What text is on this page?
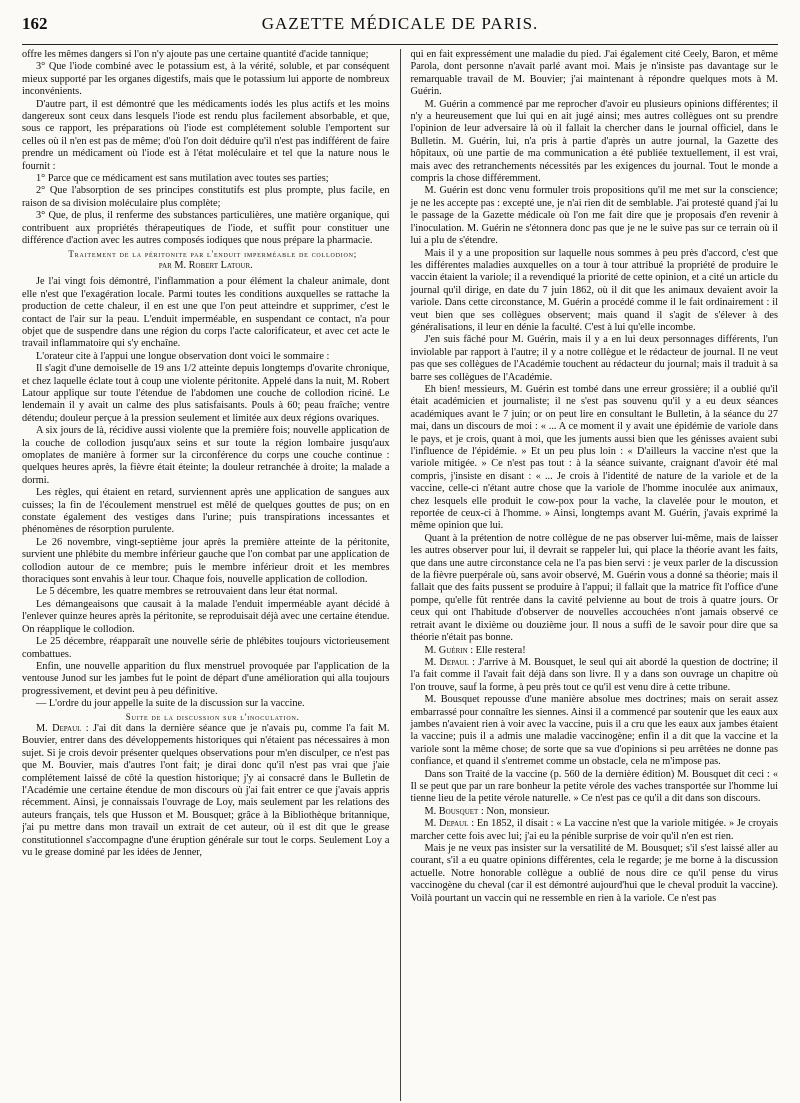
162	GAZETTE MÉDICALE DE PARIS.

offre les mêmes dangers si l'on n'y ajoute pas une certaine quantité d'acide tannique;

3° Que l'iode combiné avec le potassium est, à la vérité, soluble, et par conséquent mieux supporté par les organes digestifs, mais que le potassium lui apporte de nombreux inconvénients.

D'autre part, il est démontré que les médicaments iodés les plus actifs et les moins dangereux sont ceux dans lesquels l'iode est rendu plus facilement absorbable, et que, sous ce rapport, les préparations où l'iode est complétement soluble l'emportent sur celles où il n'en est pas de même; d'où l'on doit déduire qu'il n'est pas indifférent de faire prendre un médicament où l'iode est à l'état moléculaire et tel que la nature nous le fournit :

1° Parce que ce médicament est sans mutilation avec toutes ses parties;

2° Que l'absorption de ses principes constitutifs est plus prompte, plus facile, en raison de sa division moléculaire plus complète;

3° Que, de plus, il renferme des substances particulières, une matière organique, qui contribuent aux propriétés thérapeutiques de l'iode, et suffit pour constituer une différence d'action avec les autres composés iodiques que nous prépare la pharmacie.

Traitement de la péritonite par l'enduit imperméable de collodion;

par M. Robert Latour.

Je l'ai vingt fois démontré, l'inflammation a pour élément la chaleur animale, dont elle n'est que l'exagération locale. Parmi toutes les conditions auxquelles se rattache la production de cette chaleur, il en est une que l'on peut atteindre et supprimer, c'est le contact de l'air sur la peau. L'enduit imperméable, en suspendant ce contact, n'a pour objet que de suspendre dans une région du corps l'acte calorificateur, et avec cet acte le travail inflammatoire qui s'y enchaîne.

L'orateur cite à l'appui une longue observation dont voici le sommaire :

Il s'agit d'une demoiselle de 19 ans 1/2 atteinte depuis longtemps d'ovarite chronique, et chez laquelle éclate tout à coup une violente péritonite. Appelé dans la nuit, M. Robert Latour applique sur toute l'étendue de l'abdomen une couche de collodion riciné. Le lendemain il y avait un calme des plus satisfaisants. Pouls à 60; peau fraîche; ventre détendu; douleur perçue à la pression seulement et limitée aux deux régions ovariques.

A six jours de là, récidive aussi violente que la première fois; nouvelle application de la couche de collodion jusqu'aux seins et sur toute la région lombaire jusqu'aux omoplates de manière à former sur la circonférence du corps une couche continue : quelques heures après, la fièvre était éteinte; la douleur retranchée à droite; la malade a dormi.

Les règles, qui étaient en retard, surviennent après une application de sangues aux cuisses; la fin de l'écoulement menstruel est mêlé de quelques gouttes de pus; on en constate également des vestiges dans l'urine; puis transpirations incessantes et phénomènes de résorption purulente.

Le 26 novembre, vingt-septième jour après la première atteinte de la péritonite, survient une phlébite du membre inférieur gauche que l'on combat par une application de collodion autour de ce membre; puis le membre inférieur droit et les membres thoraciques sont envahis à leur tour. Chaque fois, nouvelle application de collodion.

Le 5 décembre, les quatre membres se retrouvaient dans leur état normal.

Les démangeaisons que causait à la malade l'enduit imperméable ayant décidé à l'enlever quinze heures après la péritonite, se reproduisait déjà avec une certaine étendue. On réapplique le collodion.

Le 25 décembre, réapparaît une nouvelle série de phlébites toujours victorieusement combattues.

Enfin, une nouvelle apparition du flux menstruel provoquée par l'application de la ventouse Junod sur les jambes fut le point de départ d'une amélioration qui alla toujours progressivement, et devint peu à peu définitive.

— L'ordre du jour appelle la suite de la discussion sur la vaccine.

Suite de la discussion sur l'inoculation.

M. Depaul : J'ai dit dans la dernière séance que je n'avais pu, comme l'a fait M. Bouvier, entrer dans des développements historiques qui n'étaient pas nécessaires à mon sujet. Si je crois devoir présenter quelques observations pour m'en disculper, ce n'est pas que M. Bouvier, mais d'autres l'ont fait; je dirai donc qu'il n'est pas vrai que j'aie complétement laissé de côté la question historique; j'y ai consacré dans le Bulletin de l'Académie une certaine étendue de mon discours où j'ai fait entrer ce que j'avais appris récemment. Ainsi, je connaissais l'ouvrage de Loy, mais seulement par les relations des auteurs français, tels que Husson et M. Bousquet; grâce à la Bibliothèque britannique, j'ai pu mettre dans mon travail un extrait de cet auteur, où il est dit que le grease constitutionnel s'accompagne d'une éruption générale sur tout le corps. Seulement Loy a vu le grease dominé par les idées de Jenner,

qui en fait expressément une maladie du pied. J'ai également cité Ceely, Baron, et même Parola, dont personne n'avait parlé avant moi. Mais je n'insiste pas davantage sur le remarquable travail de M. Bouvier; j'ai maintenant à répondre quelques mots à M. Guérin.

M. Guérin a commencé par me reprocher d'avoir eu plusieurs opinions différentes; il n'y a heureusement que lui qui en ait jugé ainsi; mes autres collègues ont su prendre l'opinion de leur adversaire là où il fallait la chercher dans le journal officiel, dans le Bulletin. M. Guérin, lui, n'a pris à partie d'après un autre journal, la Gazette des hôpitaux, où une partie de ma communication a été publiée textuellement, il est vrai, mais avec des retranchements nécessités par les exigences du journal. Tout le monde a compris la chose différemment.

M. Guérin est donc venu formuler trois propositions qu'il me met sur la conscience; je ne les accepte pas : excepté une, je n'ai rien dit de semblable. J'ai protesté quand j'ai lu le passage de la Gazette médicale où l'on me fait dire que je proposais d'en revenir à l'inoculation. M. Guérin ne s'étonnera donc pas que je ne le suive pas sur ce terrain où il lui a plu de s'étendre.

Mais il y a une proposition sur laquelle nous sommes à peu près d'accord, c'est que les différentes maladies auxquelles on a tour à tour attribué la propriété de produire le vaccin étaient la variole; il a revendiqué la priorité de cette opinion, et a cité un article du journal qu'il dirige, en date du 7 juin 1862, où il dit que les animaux devaient avoir la variole. Dans cette circonstance, M. Guérin a procédé comme il le fait ordinairement : il veut bien que ses collègues observent; mais quand il s'agit de s'élever à des généralisations, il leur en dénie la faculté. C'est à lui qu'elle incombe.

J'en suis fâché pour M. Guérin, mais il y a en lui deux personnages différents, l'un inviolable par rapport à l'autre; il y a notre collègue et le rédacteur de journal. Il ne veut pas que ses collègues de l'Académie touchent au rédacteur du journal; mais il traduit à sa barre ses collègues de l'Académie.

Eh bien! messieurs, M. Guérin est tombé dans une erreur grossière; il a oublié qu'il était académicien et journaliste; il ne s'est pas souvenu qu'il y a eu deux séances académiques avant le 7 juin; or on peut lire en consultant le Bulletin, à la séance du 27 mai, dans un discours de moi : « ... A ce moment il y avait une épidémie de variole dans le pays, et je crois, quant à moi, que les juments aussi bien que les génisses avaient subi l'influence de l'épidémie. » Et un peu plus loin : « D'ailleurs la vaccine n'est que la variole mitigée. » Ce n'est pas tout : à la séance suivante, craignant d'avoir été mal compris, j'insiste en disant : « ... Je crois à l'identité de nature de la variole et de la vaccine, celle-ci n'étant autre chose que la variole de l'homme inoculée aux animaux, chez lesquels elle produit le cow-pox pour la vache, la clavelée pour le mouton, et reportée de ceux-ci à l'homme. » Ainsi, longtemps avant M. Guérin, j'avais exprimé la même opinion que lui.

Quant à la prétention de notre collègue de ne pas observer lui-même, mais de laisser les autres observer pour lui, il devrait se rappeler lui, qui place la théorie avant les faits, que dans une autre circonstance cela ne l'a pas bien servi : je veux parler de la discussion de la fièvre puerpérale où, sans avoir observé, M. Guérin vous a donné sa théorie; mais il fallait que des faits pussent se produire à l'appui; il fallait que la matrice fît l'office d'une pompe, qu'elle fût rentrée dans la cavité pelvienne au bout de trois à quatre jours. Or ceux qui ont l'habitude d'observer de nouvelles accouchées n'ont jamais observé ce retrait avant le dixième ou douzième jour. Il nous a suffi de le savoir pour dire que sa théorie n'était pas bonne.

M. Guérin : Elle restera!

M. Depaul : J'arrive à M. Bousquet, le seul qui ait abordé la question de doctrine; il l'a fait comme il l'avait fait déjà dans son livre. Il y a dans son ouvrage un chapitre où l'on trouve, sauf la forme, à peu près tout ce qu'il est venu dire à cette tribune.

M. Bousquet repousse d'une manière absolue mes doctrines; mais on serait assez embarrassé pour connaître les siennes. Ainsi il a commencé par soutenir que les eaux aux jambes n'avaient rien à voir avec la vaccine, puis il a cru que les eaux aux jambes étaient la vaccine; puis il a admis une maladie vaccinogène; enfin il a dit que la vaccine et la variole sont la même chose; de sorte que sa vue d'opinions si peu arrêtées ne donne pas confiance, et quand il s'entremet comme un obstacle, cela ne m'impose pas.

Dans son Traité de la vaccine (p. 560 de la dernière édition) M. Bousquet dit ceci : « Il se peut que par un rare bonheur la petite vérole des vaches transportée sur l'homme lui tienne lieu de la petite vérole naturelle. » Ce n'est pas ce qu'il a dit dans son discours.

M. Bousquet : Non, monsieur.

M. Depaul : En 1852, il disait : « La vaccine n'est que la variole mitigée. » Je croyais marcher cette fois avec lui; j'ai eu la pénible surprise de voir qu'il n'en est rien.

Mais je ne veux pas insister sur la versatilité de M. Bousquet; s'il s'est laissé aller au courant, s'il a eu quatre opinions différentes, cela le regarde; je me borne à la discussion actuelle. Notre honorable collègue a oublié de nous dire ce qu'il pense du virus vaccinogène du cheval (car il est démontré aujourd'hui que le cheval produit la vaccine). Voilà pourtant un vaccin qui ne ressemble en rien à la variole. Ce n'est pas
